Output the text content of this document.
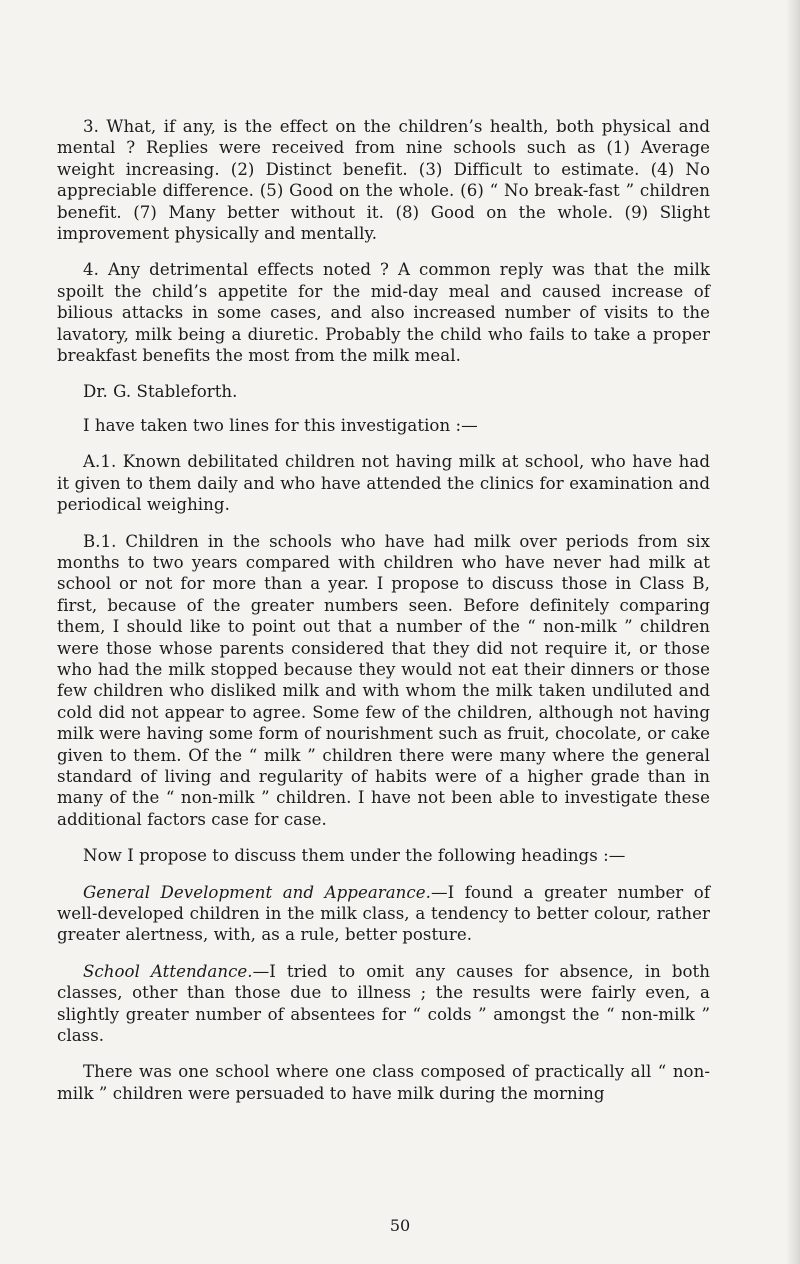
3. What, if any, is the effect on the children’s health, both physical and mental ? Replies were received from nine schools such as (1) Average weight increasing. (2) Distinct benefit. (3) Difficult to estimate. (4) No appreciable difference. (5) Good on the whole. (6) “ No break-fast ” children benefit. (7) Many better without it. (8) Good on the whole. (9) Slight improvement physically and mentally.

4. Any detrimental effects noted ? A common reply was that the milk spoilt the child’s appetite for the mid-day meal and caused increase of bilious attacks in some cases, and also increased number of visits to the lavatory, milk being a diuretic. Probably the child who fails to take a proper breakfast benefits the most from the milk meal.

Dr. G. Stableforth.

I have taken two lines for this investigation :—

A.1. Known debilitated children not having milk at school, who have had it given to them daily and who have attended the clinics for examination and periodical weighing.

B.1. Children in the schools who have had milk over periods from six months to two years compared with children who have never had milk at school or not for more than a year. I propose to discuss those in Class B, first, because of the greater numbers seen. Before definitely comparing them, I should like to point out that a number of the “ non-milk ” children were those whose parents considered that they did not require it, or those who had the milk stopped because they would not eat their dinners or those few children who disliked milk and with whom the milk taken undiluted and cold did not appear to agree. Some few of the children, although not having milk were having some form of nourishment such as fruit, chocolate, or cake given to them. Of the “ milk ” children there were many where the general standard of living and regularity of habits were of a higher grade than in many of the “ non-milk ” children. I have not been able to investigate these additional factors case for case.

Now I propose to discuss them under the following headings :—

General Development and Appearance.—I found a greater number of well-developed children in the milk class, a tendency to better colour, rather greater alertness, with, as a rule, better posture.

School Attendance.—I tried to omit any causes for absence, in both classes, other than those due to illness ; the results were fairly even, a slightly greater number of absentees for “ colds ” amongst the “ non-milk ” class.

There was one school where one class composed of practically all “ non-milk ” children were persuaded to have milk during the morning

50
